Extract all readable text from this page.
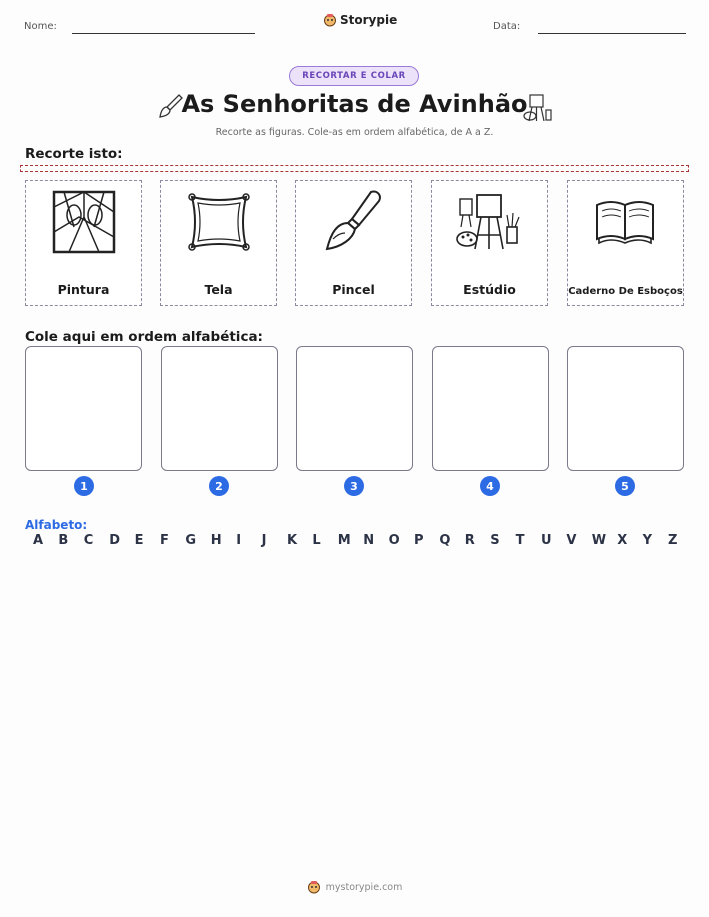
Nome:	Storypie	Data:
RECORTAR E COLAR
As Senhoritas de Avinhão
Recorte as figuras. Cole-as em ordem alfabética, de A a Z.
Recorte isto:
Pintura	Tela	Pincel	Estúdio	Caderno De Esboços
Cole aqui em ordem alfabética:
1	2	3	4	5
Alfabeto:
A B C D E F G H I J K L M N O P Q R S T U V W X Y Z
mystorypie.com
